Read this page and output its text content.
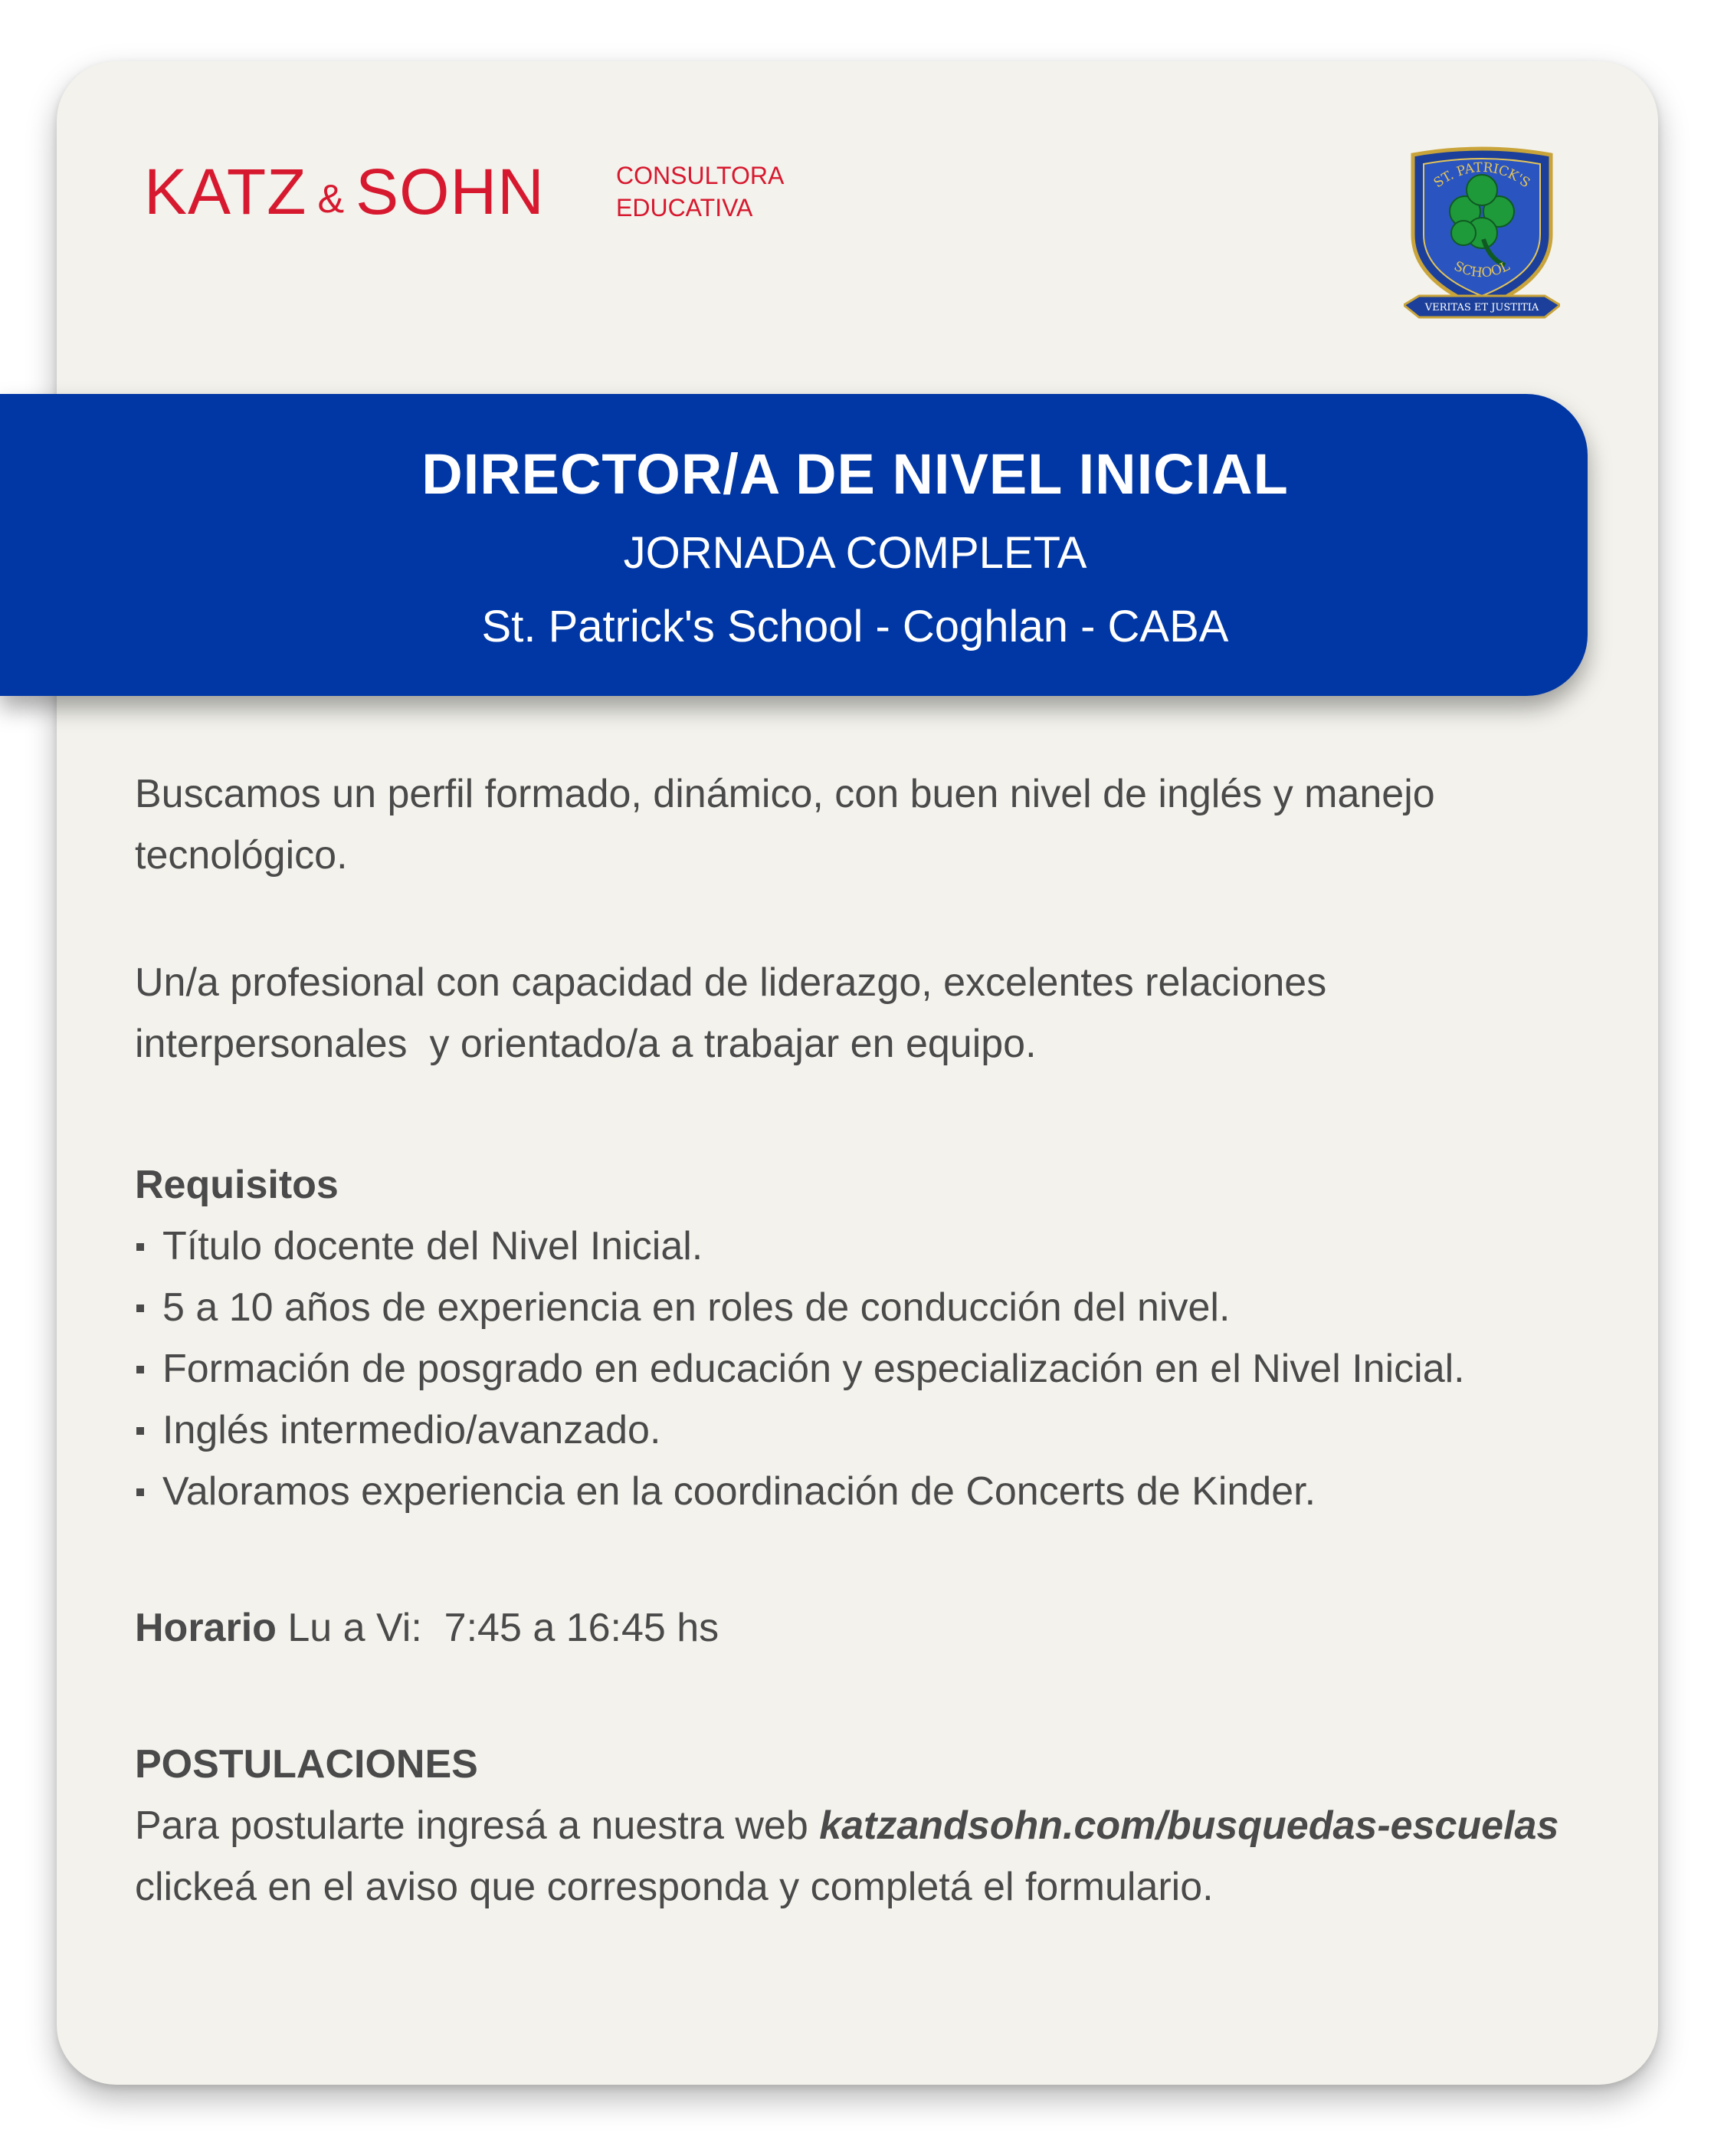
KATZ & SOHN	CONSULTORA
EDUCATIVA
ST. PATRICK'S
SCHOOL
VERITAS ET JUSTITIA
DIRECTOR/A DE NIVEL INICIAL
JORNADA COMPLETA
St. Patrick's School - Coghlan - CABA

Buscamos un perfil formado, dinámico, con buen nivel de inglés y manejo tecnológico.

Un/a profesional con capacidad de liderazgo, excelentes relaciones interpersonales  y orientado/a a trabajar en equipo.

Requisitos

Título docente del Nivel Inicial.
5 a 10 años de experiencia en roles de conducción del nivel.
Formación de posgrado en educación y especialización en el Nivel Inicial.
Inglés intermedio/avanzado.
Valoramos experiencia en la coordinación de Concerts de Kinder.

Horario Lu a Vi:  7:45 a 16:45 hs

POSTULACIONES

Para postularte ingresá a nuestra web katzandsohn.com/busquedas-escuelas
clickeá en el aviso que corresponda y completá el formulario.
